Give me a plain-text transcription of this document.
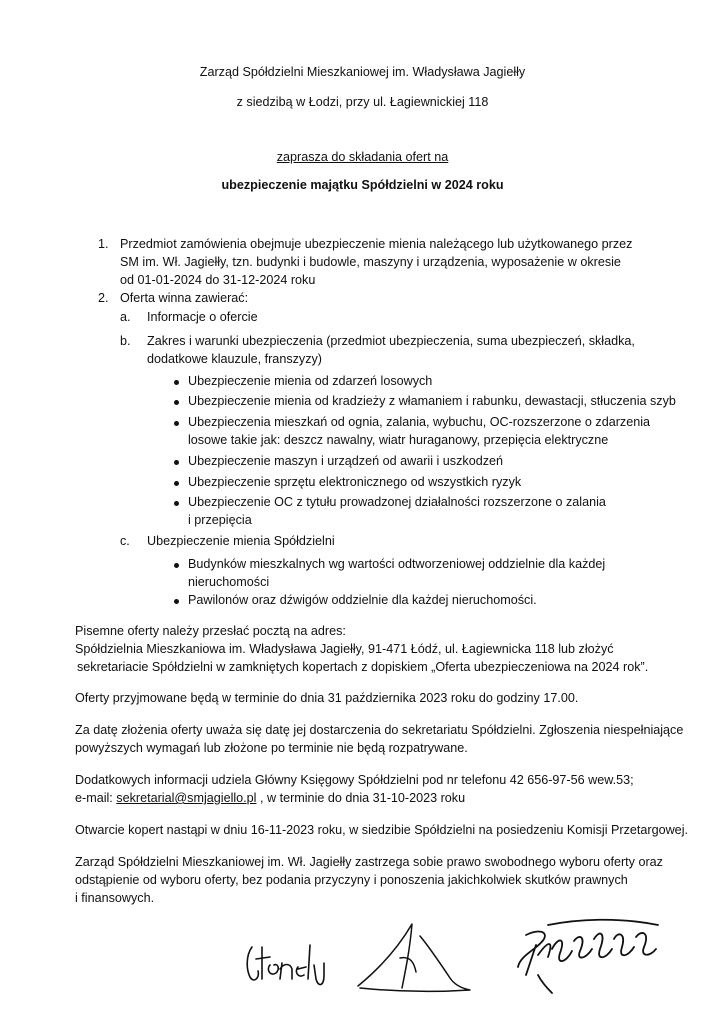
Zarząd Spółdzielni Mieszkaniowej im. Władysława Jagiełły
z siedzibą w Łodzi, przy ul. Łagiewnickiej 118
zaprasza do składania ofert na
ubezpieczenie majątku Spółdzielni w 2024 roku
1. Przedmiot zamówienia obejmuje ubezpieczenie mienia należącego lub użytkowanego przez
SM im. Wł. Jagiełły, tzn. budynki i budowle, maszyny i urządzenia, wyposażenie w okresie
od 01-01-2024 do 31-12-2024 roku
2. Oferta winna zawierać:
a. Informacje o ofercie
b. Zakres i warunki ubezpieczenia (przedmiot ubezpieczenia, suma ubezpieczeń, składka,
dodatkowe klauzule, franszyzy)
Ubezpieczenie mienia od zdarzeń losowych
Ubezpieczenie mienia od kradzieży z włamaniem i rabunku, dewastacji, stłuczenia szyb
Ubezpieczenia mieszkań od ognia, zalania, wybuchu, OC-rozszerzone o zdarzenia
losowe takie jak: deszcz nawalny, wiatr huraganowy, przepięcia elektryczne
Ubezpieczenie maszyn i urządzeń od awarii i uszkodzeń
Ubezpieczenie sprzętu elektronicznego od wszystkich ryzyk
Ubezpieczenie OC z tytułu prowadzonej działalności rozszerzone o zalania
i przepięcia
c. Ubezpieczenie mienia Spółdzielni
Budynków mieszkalnych wg wartości odtworzeniowej oddzielnie dla każdej
nieruchomości
Pawilonów oraz dźwigów oddzielnie dla każdej nieruchomości.
Pisemne oferty należy przesłać pocztą na adres:
Spółdzielnia Mieszkaniowa im. Władysława Jagiełły, 91-471 Łódź, ul. Łagiewnicka 118 lub złożyć
sekretariacie Spółdzielni w zamkniętych kopertach z dopiskiem „Oferta ubezpieczeniowa na 2024 rok”.
Oferty przyjmowane będą w terminie do dnia 31 października 2023 roku do godziny 17.00.
Za datę złożenia oferty uważa się datę jej dostarczenia do sekretariatu Spółdzielni. Zgłoszenia niespełniające
powyższych wymagań lub złożone po terminie nie będą rozpatrywane.
Dodatkowych informacji udziela Główny Księgowy Spółdzielni pod nr telefonu 42 656-97-56 wew.53;
e-mail: sekretarial@smjagiello.pl , w terminie do dnia 31-10-2023 roku
Otwarcie kopert nastąpi w dniu 16-11-2023 roku, w siedzibie Spółdzielni na posiedzeniu Komisji Przetargowej.
Zarząd Spółdzielni Mieszkaniowej im. Wł. Jagiełły zastrzega sobie prawo swobodnego wyboru oferty oraz
odstąpienie od wyboru oferty, bez podania przyczyny i ponoszenia jakichkolwiek skutków prawnych
i finansowych.
